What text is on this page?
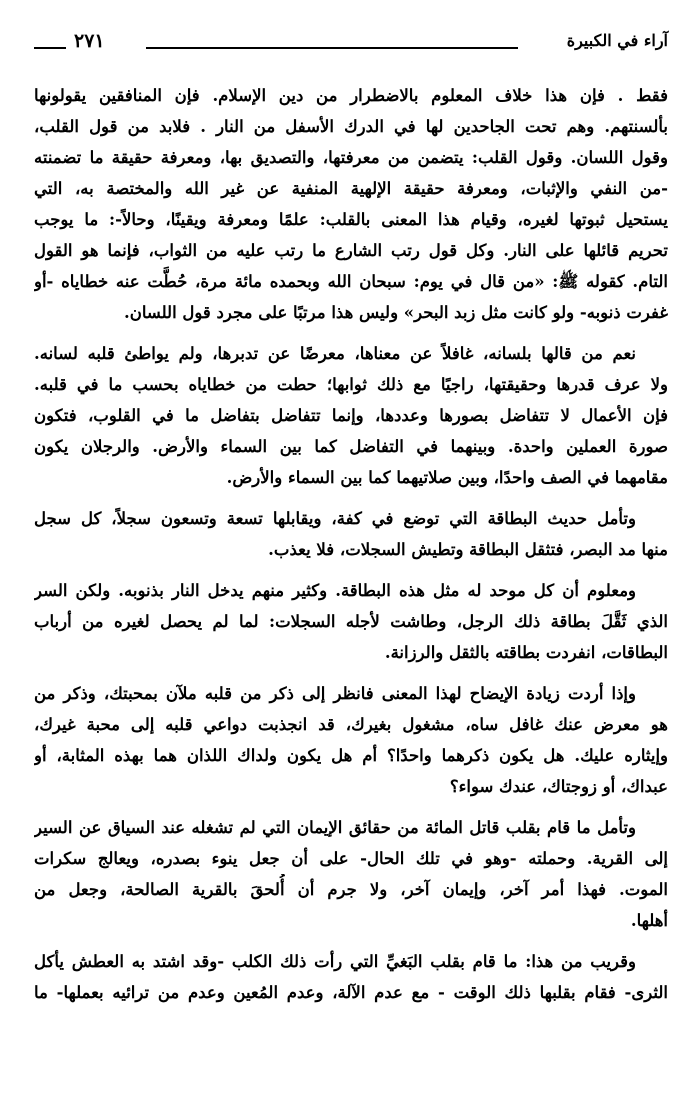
٢٧١	آراء في الكبيرة
فقط . فإن هذا خلاف المعلوم بالاضطرار من دين الإسلام. فإن المنافقين يقولونها
بألسنتهم. وهم تحت الجاحدين لها في الدرك الأسفل من النار . فلابد من قول القلب،
وقول اللسان. وقول القلب: يتضمن من معرفتها، والتصديق بها، ومعرفة حقيقة ما تضمنته
-من النفي والإثبات، ومعرفة حقيقة الإلهية المنفية عن غير الله والمختصة به، التي
يستحيل ثبوتها لغيره، وقيام هذا المعنى بالقلب: علمًا ومعرفة ويقينًا، وحالاً-: ما يوجب
تحريم قائلها على النار. وكل قول رتب الشارع ما رتب عليه من الثواب، فإنما هو القول
التام. كقوله ﷺ: «من قال في يوم: سبحان الله وبحمده مائة مرة، حُطَّت عنه خطاياه -أو
غفرت ذنوبه- ولو كانت مثل زبد البحر» وليس هذا مرتبًا على مجرد قول اللسان.
نعم من قالها بلسانه، غافلاً عن معناها، معرضًا عن تدبرها، ولم يواطئ قلبه لسانه.
ولا عرف قدرها وحقيقتها، راجيًا مع ذلك ثوابها؛ حطت من خطاياه بحسب ما في قلبه.
فإن الأعمال لا تتفاضل بصورها وعددها، وإنما تتفاضل بتفاضل ما في القلوب، فتكون
صورة العملين واحدة. وبينهما في التفاضل كما بين السماء والأرض. والرجلان يكون
مقامهما في الصف واحدًا، وبين صلاتيهما كما بين السماء والأرض.
وتأمل حديث البطاقة التي توضع في كفة، ويقابلها تسعة وتسعون سجلاً، كل سجل
منها مد البصر، فتثقل البطاقة وتطيش السجلات، فلا يعذب.
ومعلوم أن كل موحد له مثل هذه البطاقة. وكثير منهم يدخل النار بذنوبه. ولكن السر
الذي ثَقَّلَ بطاقة ذلك الرجل، وطاشت لأجله السجلات: لما لم يحصل لغيره من أرباب
البطاقات، انفردت بطاقته بالثقل والرزانة.
وإذا أردت زيادة الإيضاح لهذا المعنى فانظر إلى ذكر من قلبه ملآن بمحبتك، وذكر من
هو معرض عنك غافل ساه، مشغول بغيرك، قد انجذبت دواعي قلبه إلى محبة غيرك،
وإيثاره عليك. هل يكون ذكرهما واحدًا؟ أم هل يكون ولداك اللذان هما بهذه المثابة، أو
عبداك، أو زوجتاك، عندك سواء؟
وتأمل ما قام بقلب قاتل المائة من حقائق الإيمان التي لم تشغله عند السياق عن السير
إلى القرية. وحملته -وهو في تلك الحال- على أن جعل ينوء بصدره، ويعالج سكرات
الموت. فهذا أمر آخر، وإيمان آخر، ولا جرم أن أُلحقَ بالقرية الصالحة، وجعل من
أهلها.
وقريب من هذا: ما قام بقلب البَغيِّ التي رأت ذلك الكلب -وقد اشتد به العطش يأكل
الثرى- فقام بقلبها ذلك الوقت - مع عدم الآلة، وعدم المُعين وعدم من ترائيه بعملها- ما
